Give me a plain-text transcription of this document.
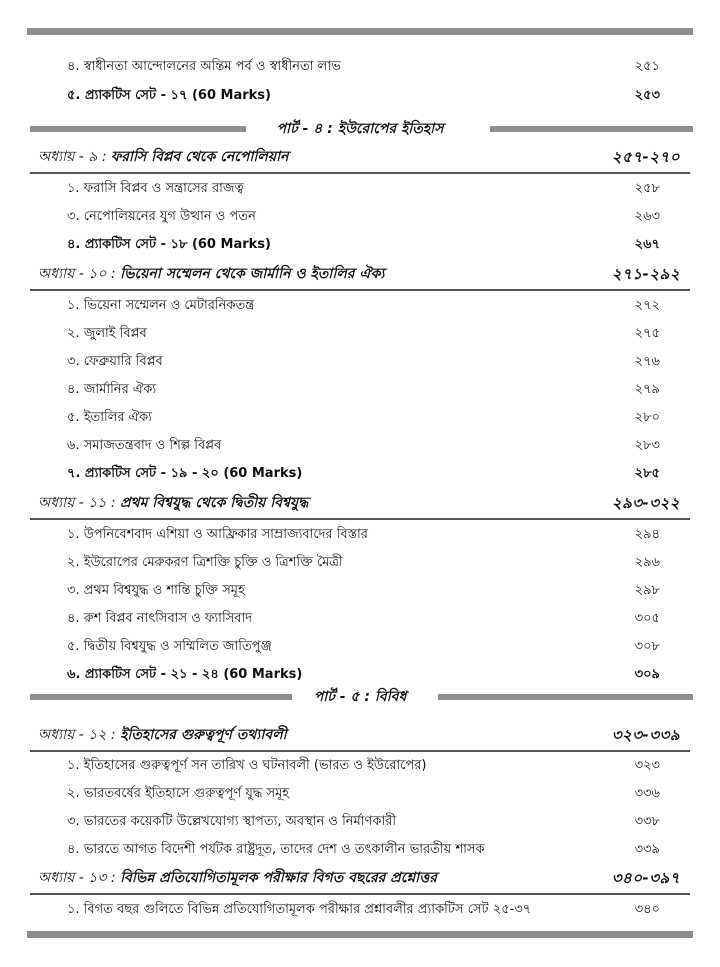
৪. স্বাধীনতা আন্দোলনের অন্তিম পর্ব ও স্বাধীনতা লাভ	২৫১
৫. প্র্যাকটিস সেট - ১৭ (60 Marks)	২৫৩
পার্ট - ৪ : ইউরোপের ইতিহাস
অধ্যায় - ৯ : ফরাসি বিপ্লব থেকে নেপোলিয়ান	২৫৭-২৭০
১. ফরাসি বিপ্লব ও সন্ত্রাসের রাজত্ব	২৫৮
৩. নেপোলিয়নের যুগ উত্থান ও পতন	২৬৩
৪. প্র্যাকটিস সেট - ১৮ (60 Marks)	২৬৭
অধ্যায় - ১০ : ভিয়েনা সম্মেলন থেকে জার্মানি ও ইতালির ঐক্য	২৭১-২৯২
১. ভিয়েনা সম্মেলন ও মেটারনিকতন্ত্র	২৭২
২. জুলাই বিপ্লব	২৭৫
৩. ফেব্রুয়ারি বিপ্লব	২৭৬
৪. জার্মানির ঐক্য	২৭৯
৫. ইতালির ঐক্য	২৮০
৬. সমাজতন্ত্রবাদ ও শিল্প বিপ্লব	২৮৩
৭. প্র্যাকটিস সেট - ১৯ - ২০ (60 Marks)	২৮৫
অধ্যায় - ১১ : প্রথম বিশ্বযুদ্ধ থেকে দ্বিতীয় বিশ্বযুদ্ধ	২৯৩-৩২২
১. উপনিবেশবাদ এশিয়া ও আফ্রিকার সাম্রাজ্যবাদের বিস্তার	২৯৪
২. ইউরোপের মেরুকরণ ত্রিশক্তি চুক্তি ও ত্রিশক্তি মৈত্রী	২৯৬
৩. প্রথম বিশ্বযুদ্ধ ও শান্তি চুক্তি সমূহ	২৯৮
৪. রুশ বিপ্লব নাৎসিবাস ও ফ্যাসিবাদ	৩০৫
৫. দ্বিতীয় বিশ্বযুদ্ধ ও সম্মিলিত জাতিপুঞ্জ	৩০৮
৬. প্র্যাকটিস সেট - ২১ - ২৪ (60 Marks)	৩০৯
পার্ট - ৫ : বিবিধ
অধ্যায় - ১২ : ইতিহাসের গুরুত্বপূর্ণ তথ্যাবলী	৩২৩-৩৩৯
১. ইতিহাসের গুরুত্বপূর্ণ সন তারিখ ও ঘটনাবলী (ভারত ও ইউরোপের)	৩২৩
২. ভারতবর্ষের ইতিহাসে গুরুত্বপূর্ণ যুদ্ধ সমূহ	৩৩৬
৩. ভারতের কয়েকটি উল্লেখযোগ্য স্থাপত্য, অবস্থান ও নির্মাণকারী	৩৩৮
৪. ভারতে আগত বিদেশী পর্যটক রাষ্ট্রদূত, তাদের দেশ ও তৎকালীন ভারতীয় শাসক	৩৩৯
অধ্যায় - ১৩ : বিভিন্ন প্রতিযোগিতামূলক পরীক্ষার বিগত বছরের প্রশ্নোত্তর	৩৪০-৩৯৭
১. বিগত বছর গুলিতে বিভিন্ন প্রতিযোগিতামূলক পরীক্ষার প্রশ্নাবলীর প্র্যাকটিস সেট ২৫-৩৭	৩৪০
